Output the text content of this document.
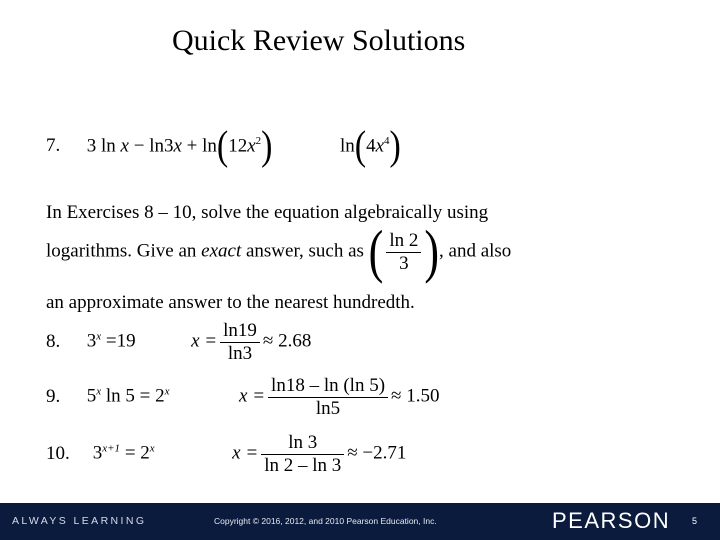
Quick Review Solutions
7. 3 $\ln x - \ln 3x + \ln(12x^2)$	$\ln(4x^4)$
In Exercises 8 – 10, solve the equation algebraically using
logarithms. Give an exact answer, such as ( $\frac{\ln 2}{3}$ ), and also
an approximate answer to the nearest hundredth.
8. $3^x =19$	$x = \frac{\ln 19}{\ln 3} \approx 2.68$
9. 5$^x$ $\ln 5 = 2^x$	$x = \frac{\ln 18 - \ln (\ln 5)}{\ln 5} \approx 1.50$
10. $3^{x+1} = 2^x$	$x = \frac{\ln 3}{\ln 2 - \ln 3} \approx -2.71$
ALWAYS LEARNING	Copyright © 2016, 2012, and 2010 Pearson Education, Inc.	PEARSON 5
